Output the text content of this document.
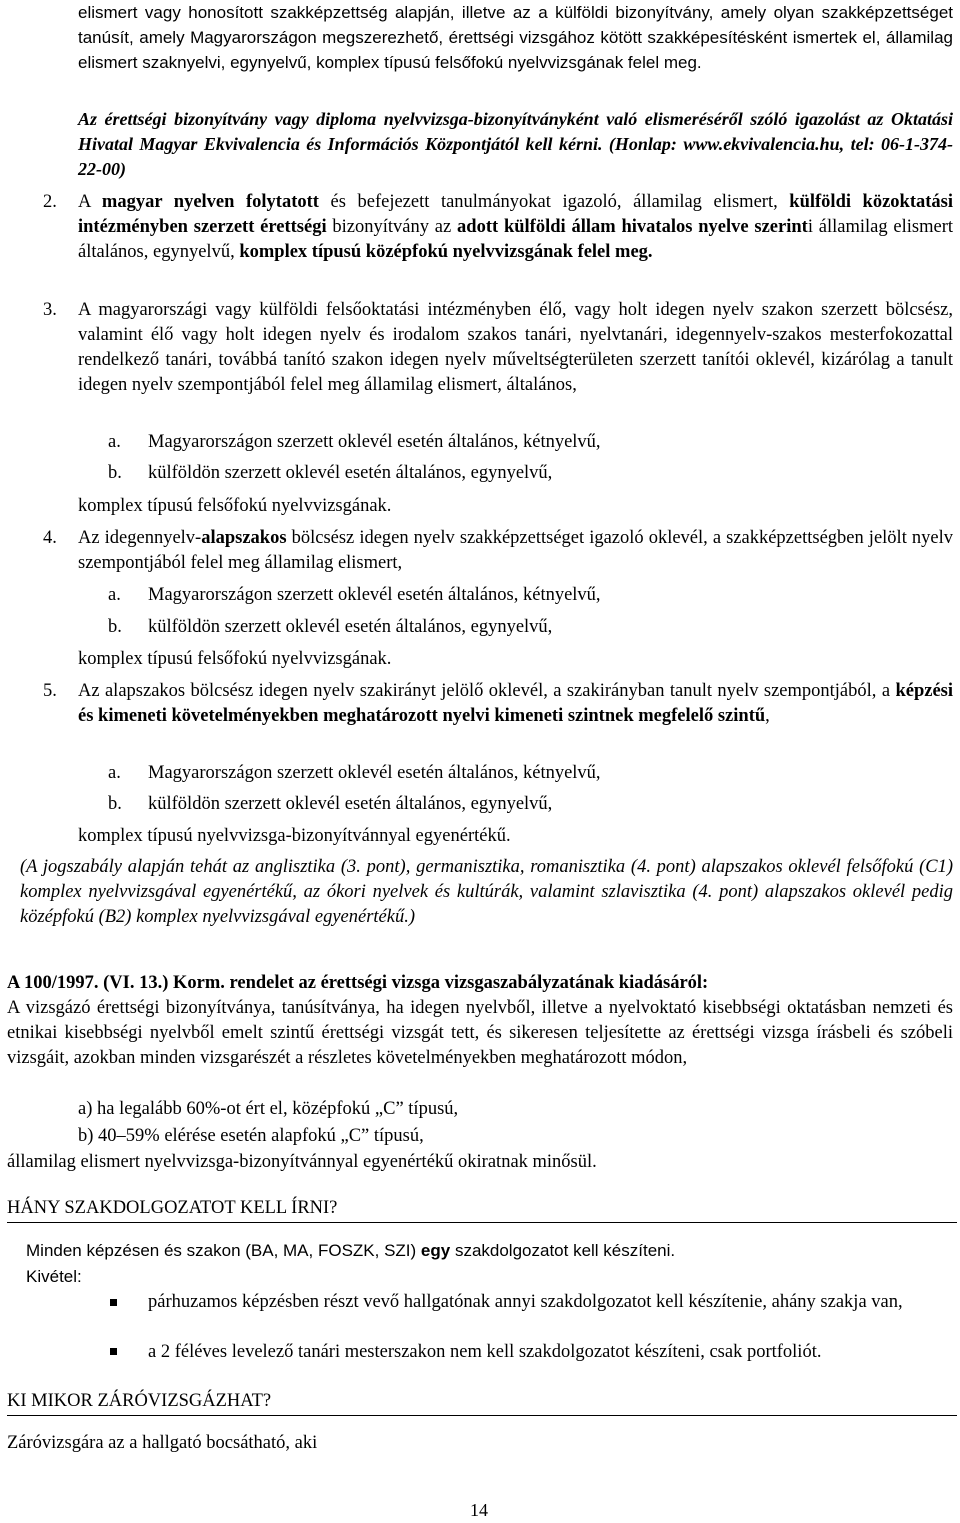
elismert vagy honosított szakképzettség alapján, illetve az a külföldi bizonyítvány, amely olyan szakképzettséget tanúsít, amely Magyarországon megszerezhető, érettségi vizsgához kötött szakképesítésként ismertek el, államilag elismert szaknyelvi, egynyelvű, komplex típusú felsőfokú nyelvvizsgának felel meg.
Az érettségi bizonyítvány vagy diploma nyelvvizsga-bizonyítványként való elismeréséről szóló igazolást az Oktatási Hivatal Magyar Ekvivalencia és Információs Központjától kell kérni. (Honlap: www.ekvivalencia.hu, tel: 06-1-374-22-00)
2. A magyar nyelven folytatott és befejezett tanulmányokat igazoló, államilag elismert, külföldi közoktatási intézményben szerzett érettségi bizonyítvány az adott külföldi állam hivatalos nyelve szerinti államilag elismert általános, egynyelvű, komplex típusú középfokú nyelvvizsgának felel meg.
3. A magyarországi vagy külföldi felsőoktatási intézményben élő, vagy holt idegen nyelv szakon szerzett bölcsész, valamint élő vagy holt idegen nyelv és irodalom szakos tanári, nyelvtanári, idegennyelv-szakos mesterfokozattal rendelkező tanári, továbbá tanító szakon idegen nyelv műveltségterületen szerzett tanítói oklevél, kizárólag a tanult idegen nyelv szempontjából felel meg államilag elismert, általános,
a. Magyarországon szerzett oklevél esetén általános, kétnyelvű,
b. külföldön szerzett oklevél esetén általános, egynyelvű,
komplex típusú felsőfokú nyelvvizsgának.
4. Az idegennyelv-alapszakos bölcsész idegen nyelv szakképzettséget igazoló oklevél, a szakképzettségben jelölt nyelv szempontjából felel meg államilag elismert,
a. Magyarországon szerzett oklevél esetén általános, kétnyelvű,
b. külföldön szerzett oklevél esetén általános, egynyelvű,
komplex típusú felsőfokú nyelvvizsgának.
5. Az alapszakos bölcsész idegen nyelv szakirányt jelölő oklevél, a szakirányban tanult nyelv szempontjából, a képzési és kimeneti követelményekben meghatározott nyelvi kimeneti szintnek megfelelő szintű,
a. Magyarországon szerzett oklevél esetén általános, kétnyelvű,
b. külföldön szerzett oklevél esetén általános, egynyelvű,
komplex típusú nyelvvizsga-bizonyítvánnyal egyenértékű.
(A jogszabály alapján tehát az anglisztika (3. pont), germanisztika, romanisztika (4. pont) alapszakos oklevél felsőfokú (C1) komplex nyelvvizsgával egyenértékű, az ókori nyelvek és kultúrák, valamint szlavisztika (4. pont) alapszakos oklevél pedig középfokú (B2) komplex nyelvvizsgával egyenértékű.)
A 100/1997. (VI. 13.) Korm. rendelet az érettségi vizsga vizsgaszabályzatának kiadásáról:
A vizsgázó érettségi bizonyítványa, tanúsítványa, ha idegen nyelvből, illetve a nyelvoktató kisebbségi oktatásban nemzeti és etnikai kisebbségi nyelvből emelt szintű érettségi vizsgát tett, és sikeresen teljesítette az érettségi vizsga írásbeli és szóbeli vizsgáit, azokban minden vizsgarészét a részletes követelményekben meghatározott módon,
a) ha legalább 60%-ot ért el, középfokú „C” típusú,
b) 40–59% elérése esetén alapfokú „C” típusú,
államilag elismert nyelvvizsga-bizonyítvánnyal egyenértékű okiratnak minősül.
HÁNY SZAKDOLGOZATOT KELL ÍRNI?
Minden képzésen és szakon (BA, MA, FOSZK, SZI) egy szakdolgozatot kell készíteni.
Kivétel:
párhuzamos képzésben részt vevő hallgatónak annyi szakdolgozatot kell készítenie, ahány szakja van,
a 2 féléves levelező tanári mesterszakon nem kell szakdolgozatot készíteni, csak portfoliót.
KI MIKOR ZÁRÓVIZSGÁZHAT?
Záróvizsgára az a hallgató bocsátható, aki
14
